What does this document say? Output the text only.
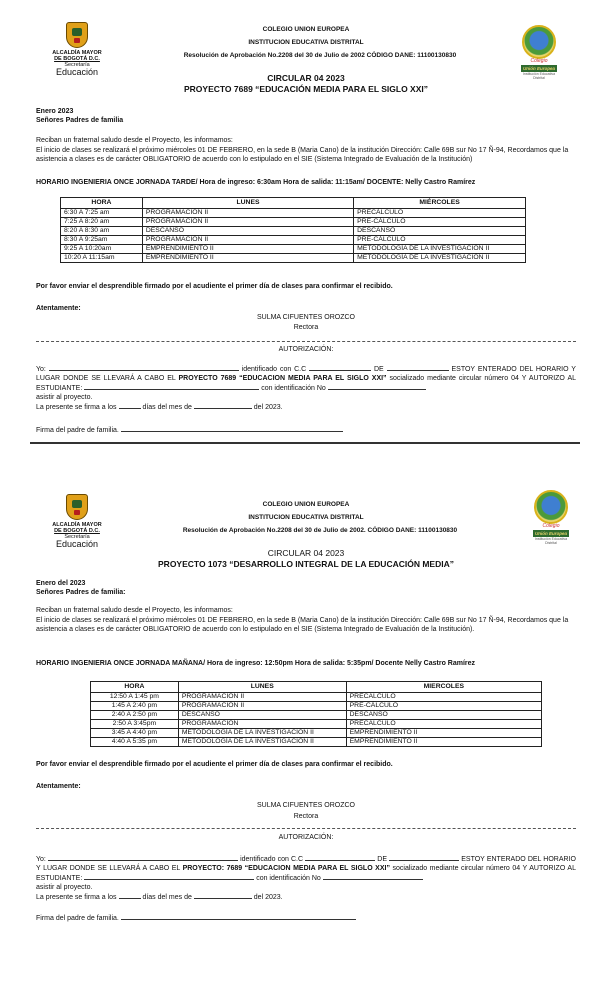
ALCALDÍA MAYOR
DE BOGOTÁ D.C.
Secretaría
Educación
COLEGIO UNION EUROPEA
INSTITUCION EDUCATIVA DISTRITAL
Resolución de Aprobación No.2208 del 30 de Julio de 2002 CÓDIGO DANE: 11100130830
Colegio
Unión Europea
Institución Educativa Distrital
CIRCULAR 04 2023
PROYECTO 7689 “EDUCACIÓN MEDIA PARA EL SIGLO XXI”
Enero 2023
Señores Padres de familia
Reciban un fraternal saludo desde el Proyecto, les informamos:
El inicio de clases se realizará el próximo miércoles 01 DE FEBRERO, en la sede B (Maria Cano) de la institución Dirección: Calle 69B sur No 17 Ñ-94, Recordamos que la asistencia a clases es de carácter OBLIGATORIO de acuerdo con lo estipulado en el SIE (Sistema Integrado de Evaluación de la Institución)
HORARIO INGENIERIA ONCE JORNADA TARDE/ Hora de ingreso: 6:30am Hora de salida: 11:15am/ DOCENTE: Nelly Castro Ramírez
HORA	LUNES	MIÉRCOLES
6:30 A 7:25 am	PROGRAMACIÓN II	PRECÁLCULO
7:25 A 8:20 am	PROGRAMACIÓN II	PRE-CÁLCULO
8:20 A 8:30 am	DESCANSO	DESCANSO
8:30 A 9:25am	PROGRAMACIÓN II	PRE-CÁLCULO
9:25 A 10:20am	EMPRENDIMIENTO II	METODOLOGÍA DE LA INVESTIGACIÓN II
10:20 A 11:15am	EMPRENDIMIENTO II	METODOLOGÍA DE LA INVESTIGACIÓN II
Por favor enviar el desprendible firmado por el acudiente el primer día de clases para confirmar el recibido.
Atentamente:
SULMA CIFUENTES OROZCO
Rectora
AUTORIZACIÓN:
Yo:	identificado con C.C	DE	ESTOY ENTERADO DEL HORARIO Y LUGAR DONDE SE LLEVARÁ A CABO EL PROYECTO 7689 “EDUCACION MEDIA PARA EL SIGLO XXI” socializado mediante circular número 04 Y AUTORIZO AL ESTUDIANTE:	con identificación No
asistir al proyecto.
La presente se firma a los	días del mes de	del 2023.
Firma del padre de familia.
ALCALDÍA MAYOR
DE BOGOTÁ D.C.
Secretaría
Educación
COLEGIO UNION EUROPEA
INSTITUCION EDUCATIVA DISTRITAL
Resolución de Aprobación No.2208 del 30 de Julio de 2002. CÓDIGO DANE: 11100130830
Colegio
Unión Europea
Institución Educativa Distrital
CIRCULAR 04 2023
PROYECTO 1073 “DESARROLLO INTEGRAL DE LA EDUCACIÓN MEDIA”
Enero del 2023
Señores Padres de familia:
Reciban un fraternal saludo desde el Proyecto, les informamos:
El inicio de clases se realizará el próximo miércoles 01 DE FEBRERO, en la sede B (Maria Cano) de la institución Dirección: Calle 69B sur No 17 Ñ-94, Recordamos que la asistencia a clases es de carácter OBLIGATORIO de acuerdo con lo estipulado en el SIE (Sistema Integrado de Evaluación de la Institución).
HORARIO INGENIERIA ONCE JORNADA MAÑANA/ Hora de ingreso: 12:50pm Hora de salida: 5:35pm/ Docente Nelly Castro Ramírez
HORA	LUNES	MIERCOLES
12:50 A 1:45 pm	PROGRAMACIÓN II	PRECALCULO
1:45 A 2:40 pm	PROGRAMACIÓN II	PRE-CÁLCULO
2:40 A 2:50 pm	DESCANSO	DESCANSO
2:50 A 3:45pm	PROGRAMACIÓN	PRECALCULO
3:45 A 4:40 pm	METODOLOGÍA DE LA INVESTIGACIÓN II	EMPRENDIMIENTO II
4:40 A 5:35 pm	METODOLOGÍA DE LA INVESTIGACIÓN II	EMPRENDIMIENTO II
Por favor enviar el desprendible firmado por el acudiente el primer día de clases para confirmar el recibido.
Atentamente:
SULMA CIFUENTES OROZCO
Rectora
AUTORIZACIÓN:
Yo:	identificado con C.C	DE	ESTOY ENTERADO DEL HORARIO Y LUGAR DONDE SE LLEVARÁ A CABO EL PROYECTO: 7689 “EDUCACION MEDIA PARA EL SIGLO XXI” socializado mediante circular número 04 Y AUTORIZO AL ESTUDIANTE:	con identificación No
asistir al proyecto.
La presente se firma a los	días del mes de	del 2023.
Firma del padre de familia.
